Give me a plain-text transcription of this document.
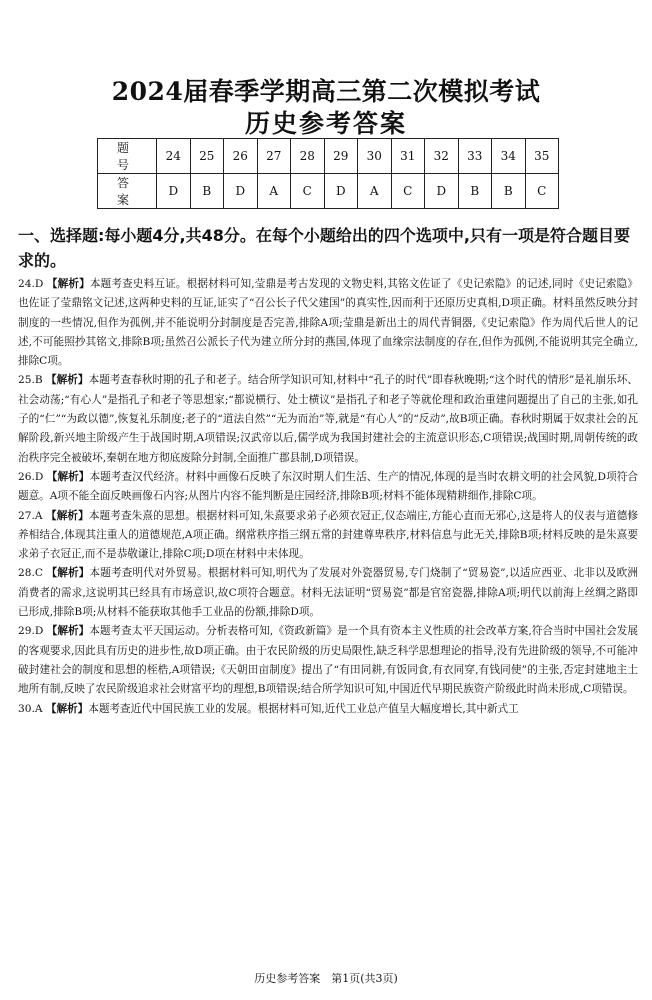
2024届春季学期高三第二次模拟考试
历史参考答案
题　号	24	25	26	27	28	29	30	31	32	33	34	35
答　案	D	B	D	A	C	D	A	C	D	B	B	C
一、选择题:每小题4分,共48分。在每个小题给出的四个选项中,只有一项是符合题目要求的。

24.D 【解析】本题考查史料互证。根据材料可知,莹鼎是考古发现的文物史料,其铭文佐证了《史记索隐》的记述,同时《史记索隐》也佐证了莹鼎铭文记述,这两种史料的互证,证实了“召公长子代父建国”的真实性,因而利于还原历史真相,D项正确。材料虽然反映分封制度的一些情况,但作为孤例,并不能说明分封制度是否完善,排除A项;莹鼎是新出土的周代青铜器,《史记索隐》作为周代后世人的记述,不可能照抄其铭文,排除B项;虽然召公派长子代为建立所分封的燕国,体现了血缘宗法制度的存在,但作为孤例,不能说明其完全确立,排除C项。

25.B 【解析】本题考查春秋时期的孔子和老子。结合所学知识可知,材料中“孔子的时代”即春秋晚期;“这个时代的情形”是礼崩乐坏、社会动荡;“有心人”是指孔子和老子等思想家;“都说横行、处士横议”是指孔子和老子等就伦理和政治重建问题提出了自己的主张,如孔子的“仁”“为政以德”,恢复礼乐制度;老子的“道法自然”“无为而治”等,就是“有心人”的“反动”,故B项正确。春秋时期属于奴隶社会的瓦解阶段,新兴地主阶级产生于战国时期,A项错误;汉武帝以后,儒学成为我国封建社会的主流意识形态,C项错误;战国时期,周朝传统的政治秩序完全被破坏,秦朝在地方彻底废除分封制,全面推广郡县制,D项错误。

26.D 【解析】本题考查汉代经济。材料中画像石反映了东汉时期人们生活、生产的情况,体现的是当时农耕文明的社会风貌,D项符合题意。A项不能全面反映画像石内容;从图片内容不能判断是庄园经济,排除B项;材料不能体现精耕细作,排除C项。

27.A 【解析】本题考查朱熹的思想。根据材料可知,朱熹要求弟子必须衣冠正,仪态端庄,方能心直而无邪心,这是将人的仪表与道德修养相结合,体现其注重人的道德规范,A项正确。纲常秩序指三纲五常的封建尊卑秩序,材料信息与此无关,排除B项;材料反映的是朱熹要求弟子衣冠正,而不是恭敬谦让,排除C项;D项在材料中未体现。

28.C 【解析】本题考查明代对外贸易。根据材料可知,明代为了发展对外瓷器贸易,专门烧制了“贸易瓷”,以适应西亚、北非以及欧洲消费者的需求,这说明其已经具有市场意识,故C项符合题意。材料无法证明“贸易瓷”都是官窑瓷器,排除A项;明代以前海上丝绸之路即已形成,排除B项;从材料不能获取其他手工业品的份额,排除D项。

29.D 【解析】本题考查太平天国运动。分析表格可知,《资政新篇》是一个具有资本主义性质的社会改革方案,符合当时中国社会发展的客观要求,因此具有历史的进步性,故D项正确。由于农民阶级的历史局限性,缺乏科学思想理论的指导,没有先进阶级的领导,不可能冲破封建社会的制度和思想的桎梏,A项错误;《天朝田亩制度》提出了“有田同耕,有饭同食,有衣同穿,有钱同使”的主张,否定封建地主土地所有制,反映了农民阶级追求社会财富平均的理想,B项错误;结合所学知识可知,中国近代早期民族资产阶级此时尚未形成,C项错误。

30.A 【解析】本题考查近代中国民族工业的发展。根据材料可知,近代工业总产值呈大幅度增长,其中新式工

历史参考答案　第1页(共3页)
